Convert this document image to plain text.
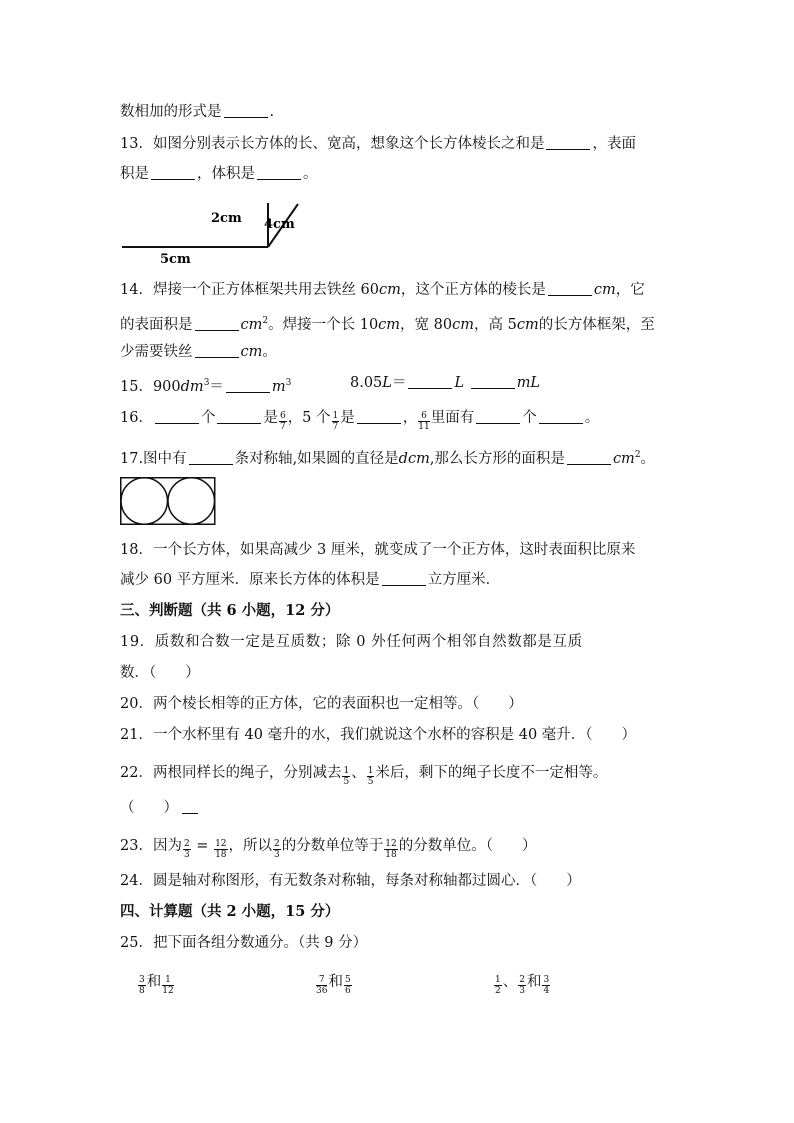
数相加的形式是	.
13．如图分别表示长方体的长、宽高，想象这个长方体棱长之和是	，表面
积是	，体积是	。
2cm 4cm
5cm
14．焊接一个正方体框架共用去铁丝 60cm，这个正方体的棱长是	cm，它
的表面积是	$cm^2$。焊接一个长 10cm，宽 80cm，高 5cm的长方体框架，至
少需要铁丝	cm。
15．$900dm^3=$	$m^3$	8.05L＝	L	mL
16．	个	是 $\frac{6}{7}$ ，5 个 $\frac{1}{7}$ 是	， $\frac{6}{11}$ 里面有	个	。
17.图中有	条对称轴,如果圆的直径是dcm,那么长方形的面积是	$cm^2$。
18．一个长方体，如果高减少 3 厘米，就变成了一个正方体，这时表面积比原来
减少 60 平方厘米．原来长方体的体积是	立方厘米．
三、判断题（共 6 小题，12 分）
19．质数和合数一定是互质数；除 0 外任何两个相邻自然数都是互质
数．（　　）
20．两个棱长相等的正方体，它的表面积也一定相等。（　　）
21．一个水杯里有 40 毫升的水，我们就说这个水杯的容积是 40 毫升．（　　）
22．两根同样长的绳子，分别减去 $\frac{1}{5}$ 、 $\frac{1}{5}$ 米后，剩下的绳子长度不一定相等。
（　　）
23．因为 $\frac{2}{3} = \frac{12}{18}$ ，所以 $\frac{2}{3}$ 的分数单位等于 $\frac{12}{18}$ 的分数单位。（　　）
24．圆是轴对称图形，有无数条对称轴，每条对称轴都过圆心．（　　）
四、计算题（共 2 小题，15 分）
25．把下面各组分数通分。（共 9 分）
$\frac{3}{8}$ 和 $\frac{1}{12}$	$\frac{7}{36}$ 和 $\frac{5}{6}$	$\frac{1}{2}$ 、 $\frac{2}{3}$ 和 $\frac{3}{4}$
